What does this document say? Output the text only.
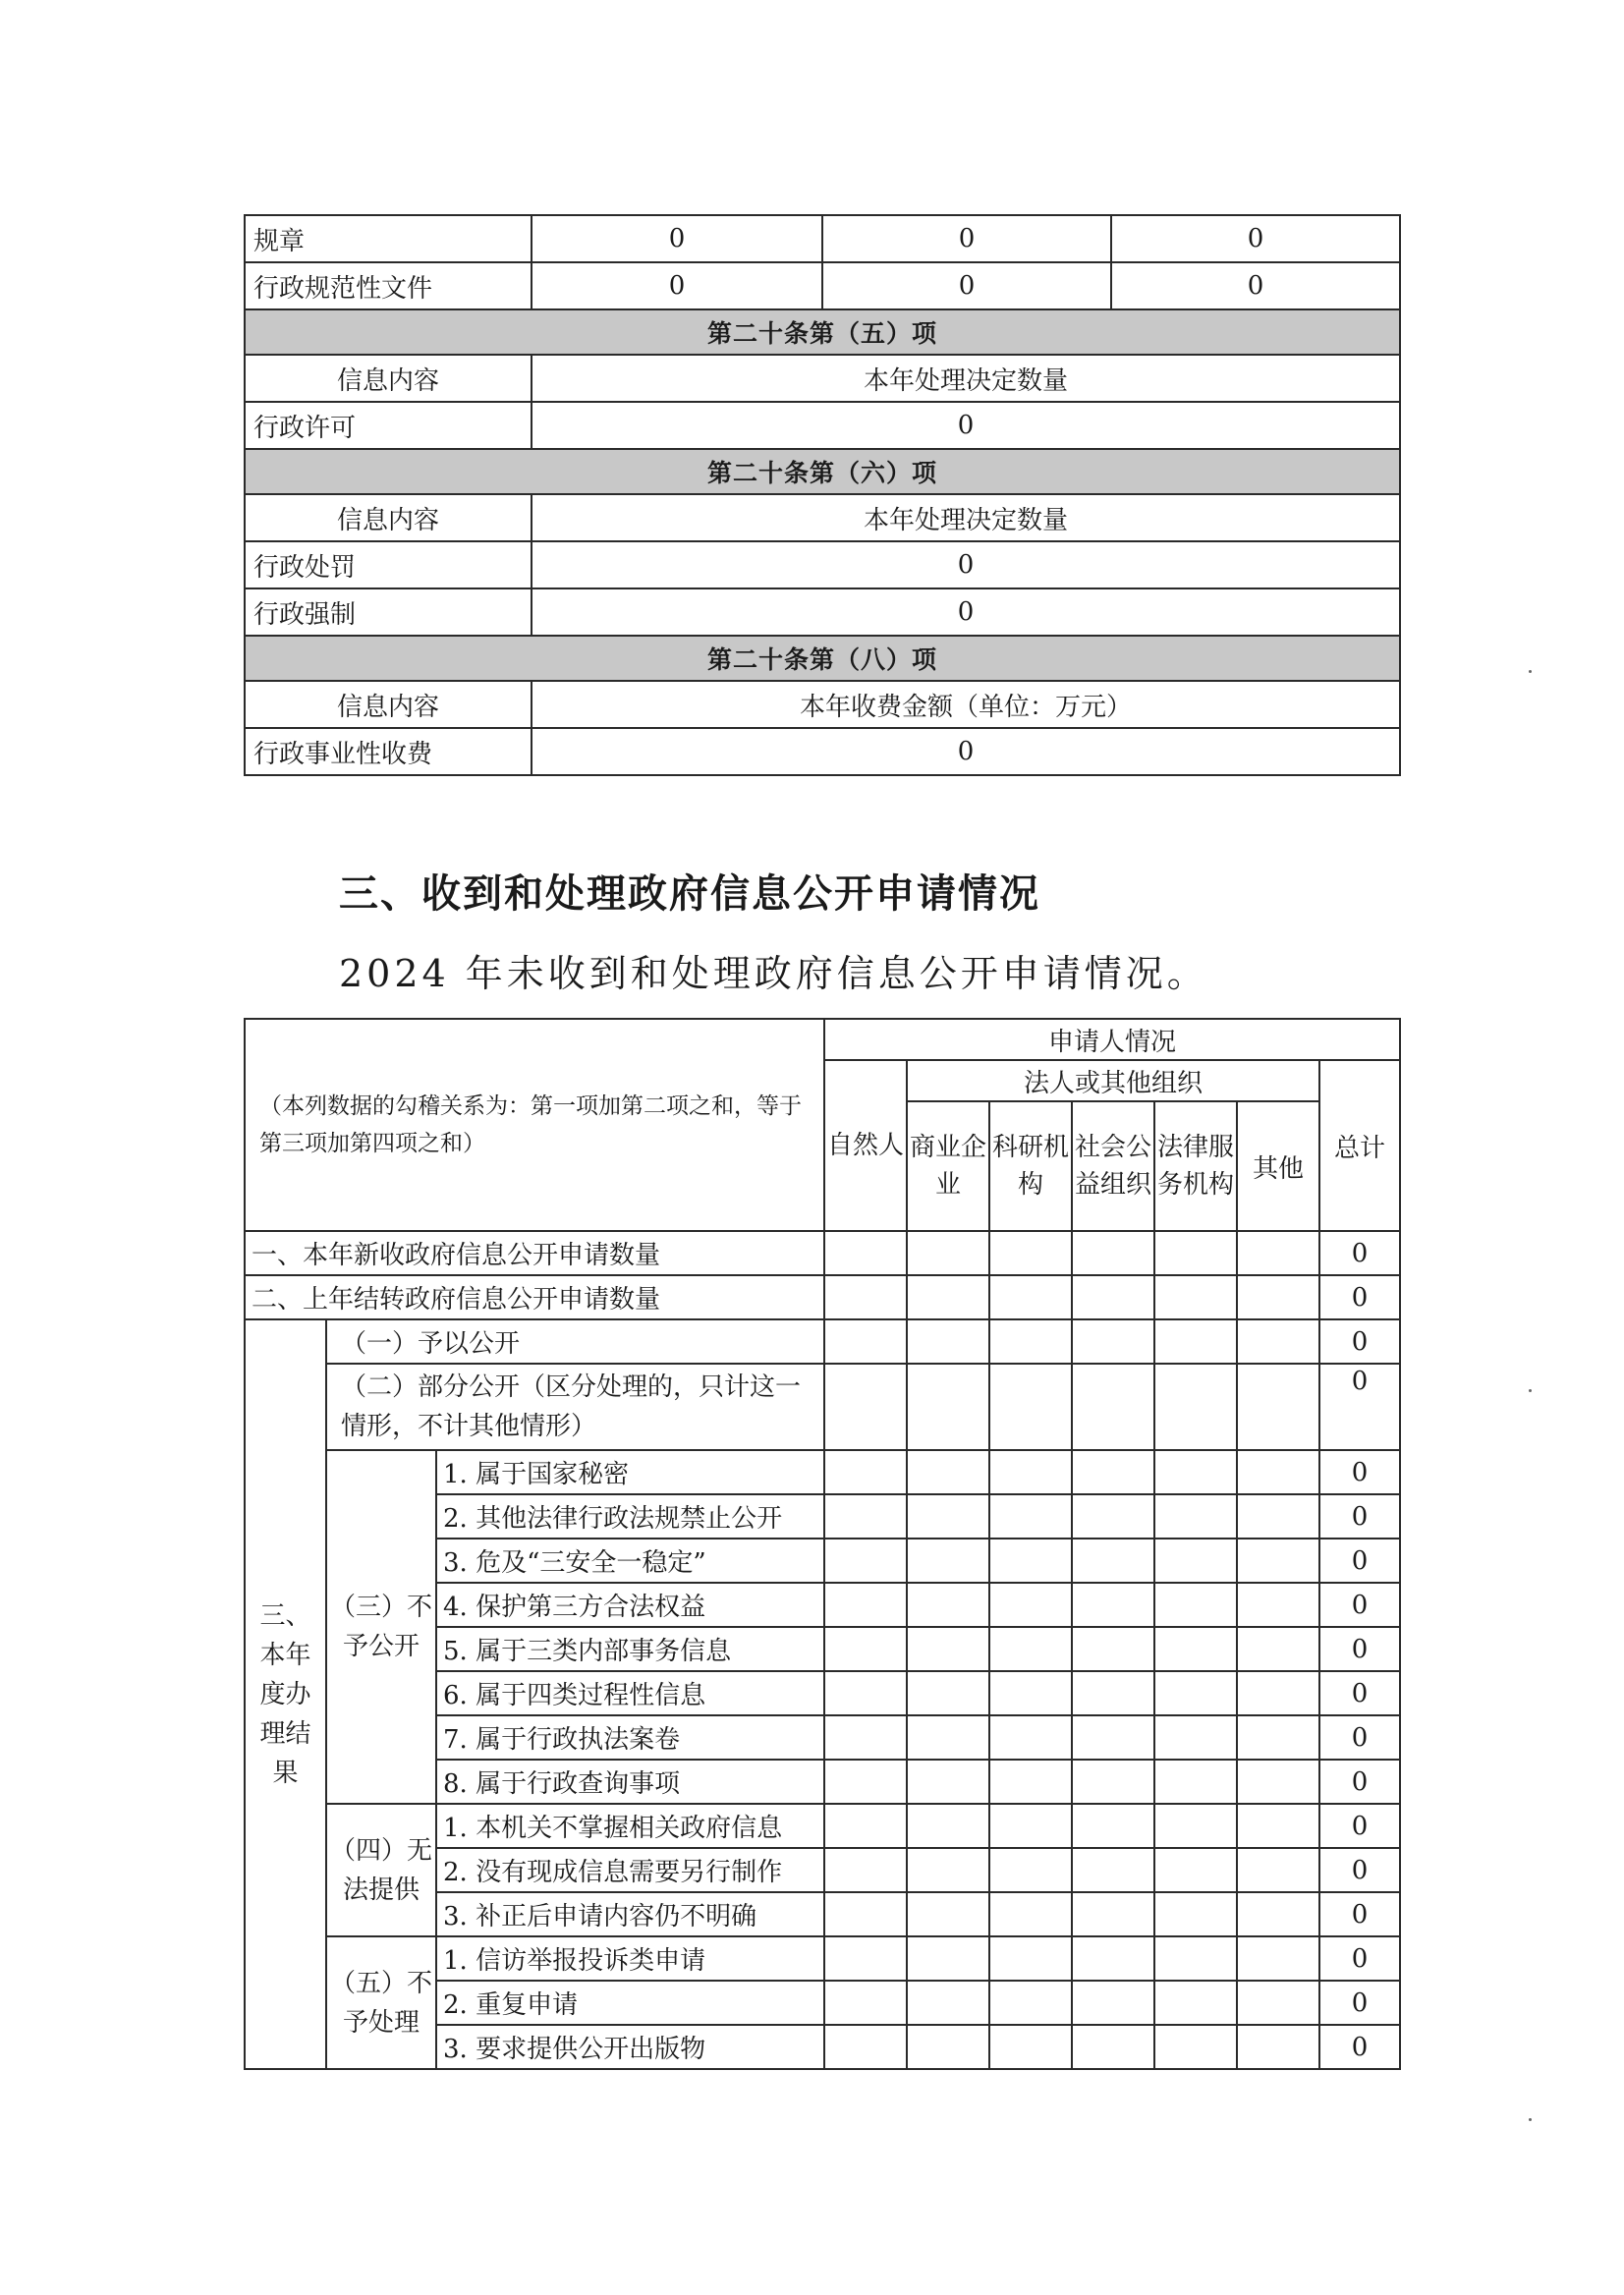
规章	0	0	0
行政规范性文件	0	0	0
第二十条第（五）项			
信息内容	本年处理决定数量		
行政许可	0		
第二十条第（六）项			
信息内容	本年处理决定数量		
行政处罚	0		
行政强制	0		
第二十条第（八）项			
信息内容	本年收费金额（单位：万元）		
行政事业性收费	0		
三、收到和处理政府信息公开申请情况
2024 年未收到和处理政府信息公开申请情况。
（本列数据的勾稽关系为：第一项加第二项之和，等于第三项加第四项之和）			申请人情况						
			自然人	法人或其他组织					总计
				商业企业	科研机构	社会公益组织	法律服务机构	其他	

一、本年新收政府信息公开申请数量									0
二、上年结转政府信息公开申请数量									0
三、本年度办理结果	（一）予以公开								0
	（二）部分公开（区分处理的，只计这一情形，不计其他情形）								0
	（三）不予公开	1. 属于国家秘密							0
		2. 其他法律行政法规禁止公开							0
		3. 危及“三安全一稳定”							0
		4. 保护第三方合法权益							0
		5. 属于三类内部事务信息							0
		6. 属于四类过程性信息							0
		7. 属于行政执法案卷							0
		8. 属于行政查询事项							0
	（四）无法提供	1. 本机关不掌握相关政府信息							0
		2. 没有现成信息需要另行制作							0
		3. 补正后申请内容仍不明确							0
	（五）不予处理	1. 信访举报投诉类申请							0
		2. 重复申请							0
		3. 要求提供公开出版物							0
